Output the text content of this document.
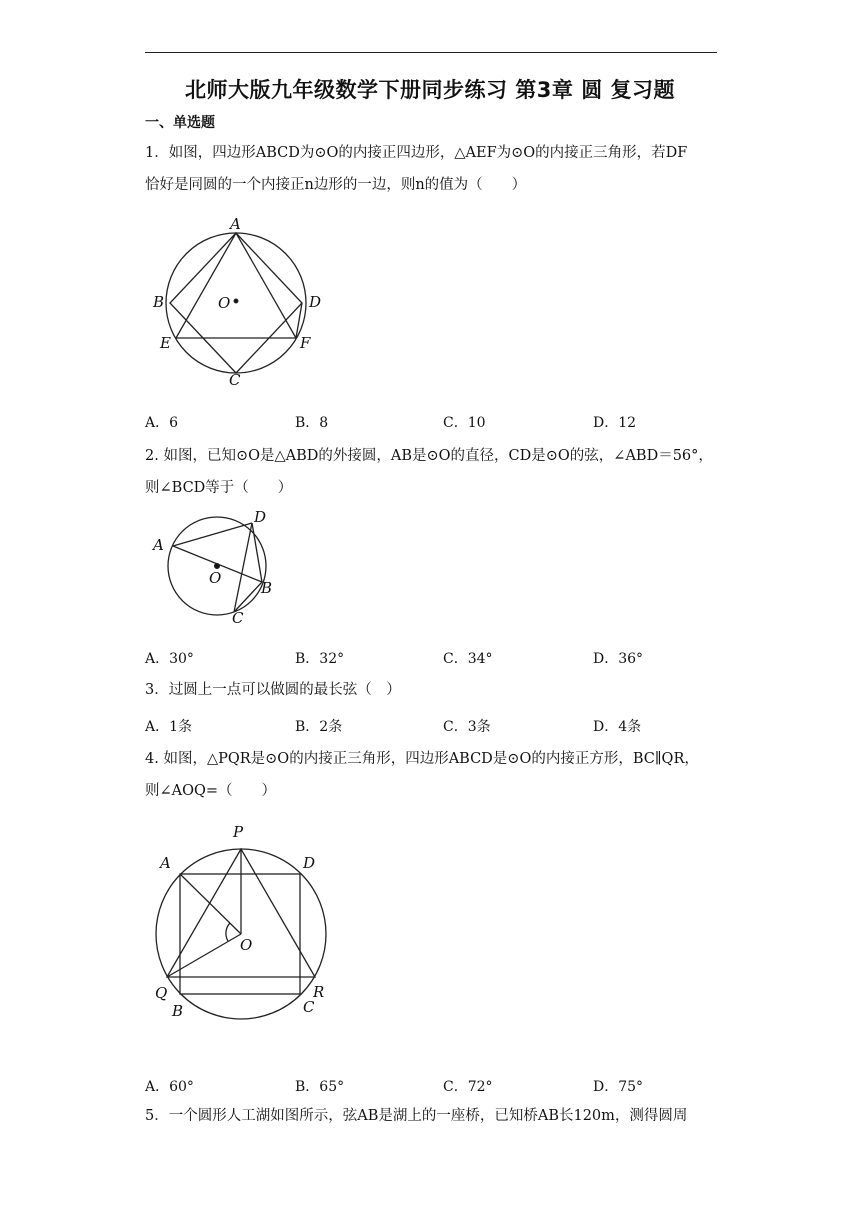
北师大版九年级数学下册同步练习 第3章 圆 复习题
一、单选题
1．如图，四边形ABCD为⊙O的内接正四边形，△AEF为⊙O的内接正三角形，若DF
恰好是同圆的一个内接正n边形的一边，则n的值为（　　）
A
B	O	D
E	F
C
A．6	B．8	C．10	D．12
2. 如图，已知⊙O是△ABD的外接圆，AB是⊙O的直径，CD是⊙O的弦，∠ABD＝56°，
则∠BCD等于（　　）
D
A
O
B
C
A．30°	B．32°	C．34°	D．36°
3．过圆上一点可以做圆的最长弦（　）
A．1条	B．2条	C．3条	D．4条
4. 如图，△PQR是⊙O的内接正三角形，四边形ABCD是⊙O的内接正方形，BC∥QR，
则∠AOQ=（　　）
P
A	D
O
Q	R
B	C
A．60°	B．65°	C．72°	D．75°
5．一个圆形人工湖如图所示，弦AB是湖上的一座桥，已知桥AB长120m，测得圆周
